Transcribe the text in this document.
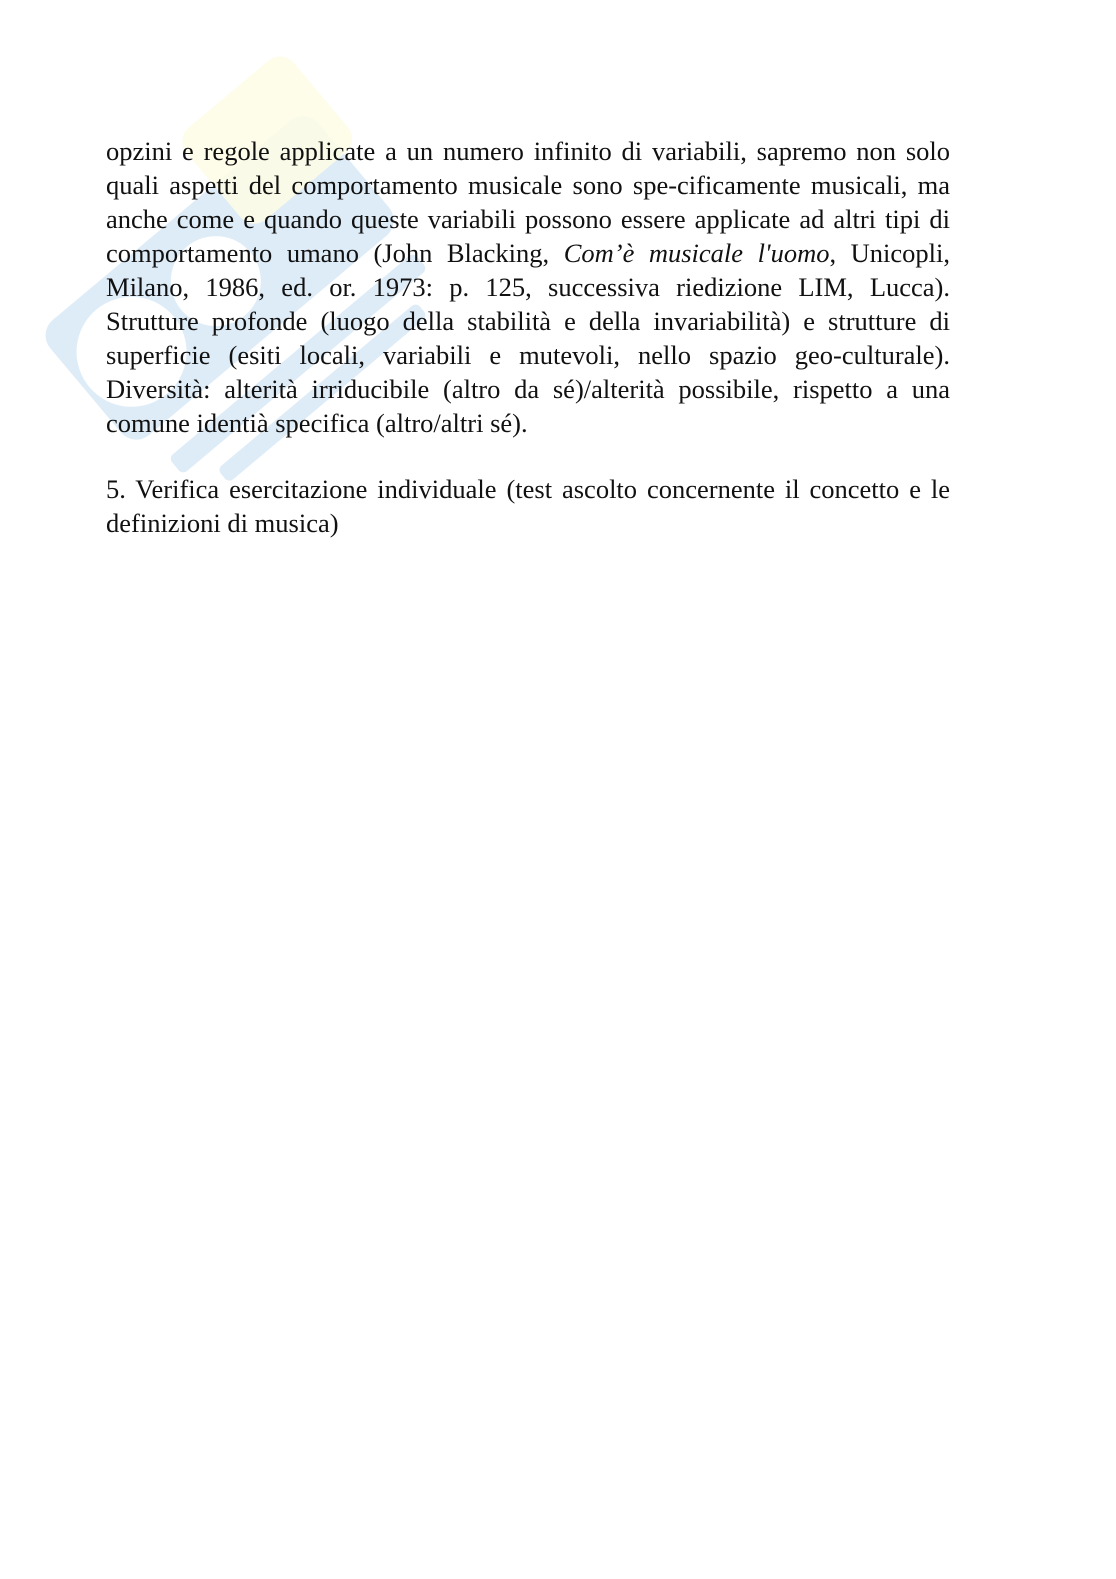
opzini e regole applicate a un numero infinito di variabili, sapremo non solo quali aspetti del comportamento musicale sono spe-cificamente musicali, ma anche come e quando queste variabili possono essere applicate ad altri tipi di comportamento umano (John Blacking, Com’è musicale l'uomo, Unicopli, Milano, 1986, ed. or. 1973: p. 125, successiva riedizione LIM, Lucca). Strutture profonde (luogo della stabilità e della invariabilità) e strutture di superficie (esiti locali, variabili e mutevoli, nello spazio geo-culturale). Diversità: alterità irriducibile (altro da sé)/alterità possibile, rispetto a una comune identià specifica (altro/altri sé).

5. Verifica esercitazione individuale (test ascolto concernente il concetto e le definizioni di musica)
